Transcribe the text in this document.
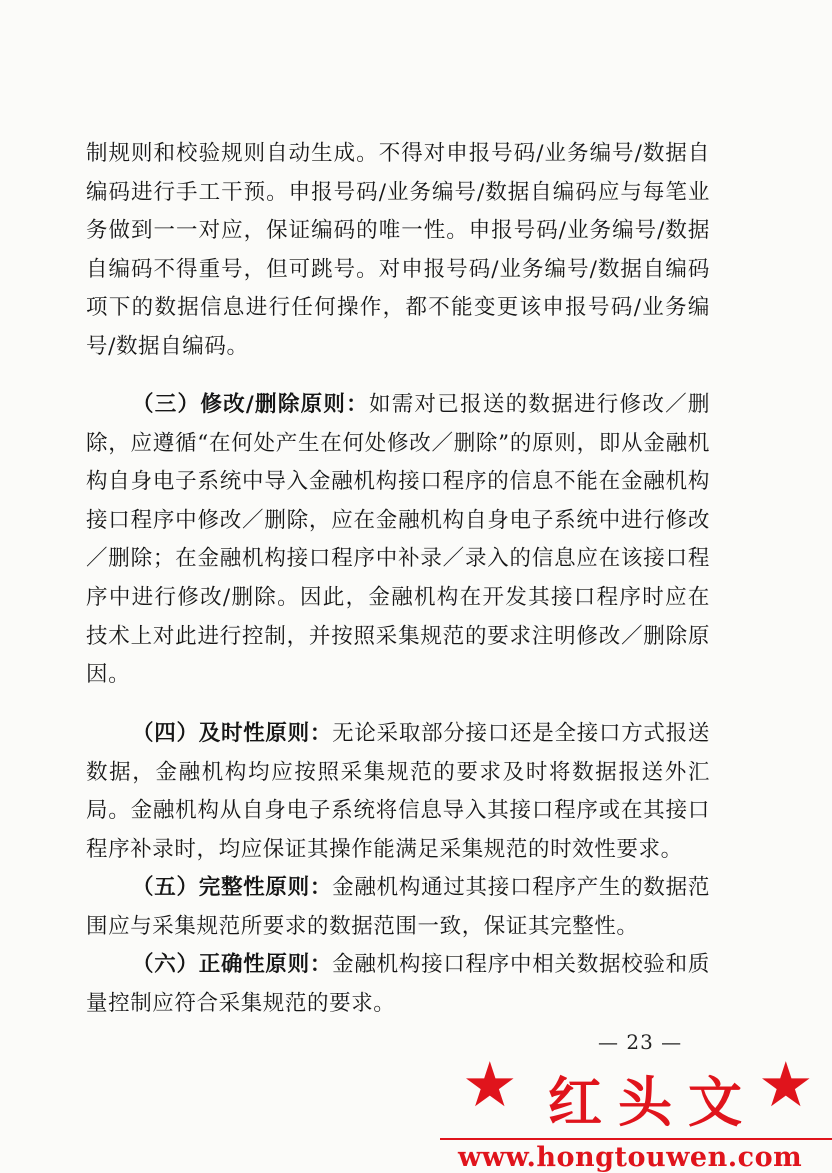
制规则和校验规则自动生成。不得对申报号码/业务编号/数据自编码进行手工干预。申报号码/业务编号/数据自编码应与每笔业务做到一一对应，保证编码的唯一性。申报号码/业务编号/数据自编码不得重号，但可跳号。对申报号码/业务编号/数据自编码项下的数据信息进行任何操作，都不能变更该申报号码/业务编号/数据自编码。

（三）修改/删除原则：如需对已报送的数据进行修改／删除，应遵循“在何处产生在何处修改／删除”的原则，即从金融机构自身电子系统中导入金融机构接口程序的信息不能在金融机构接口程序中修改／删除，应在金融机构自身电子系统中进行修改／删除；在金融机构接口程序中补录／录入的信息应在该接口程序中进行修改/删除。因此，金融机构在开发其接口程序时应在技术上对此进行控制，并按照采集规范的要求注明修改／删除原因。

（四）及时性原则：无论采取部分接口还是全接口方式报送数据，金融机构均应按照采集规范的要求及时将数据报送外汇局。金融机构从自身电子系统将信息导入其接口程序或在其接口程序补录时，均应保证其操作能满足采集规范的时效性要求。

（五）完整性原则：金融机构通过其接口程序产生的数据范围应与采集规范所要求的数据范围一致，保证其完整性。

（六）正确性原则：金融机构接口程序中相关数据校验和质量控制应符合采集规范的要求。

— 23 —
★ 红头文 ★
www.hongtouwen.com
